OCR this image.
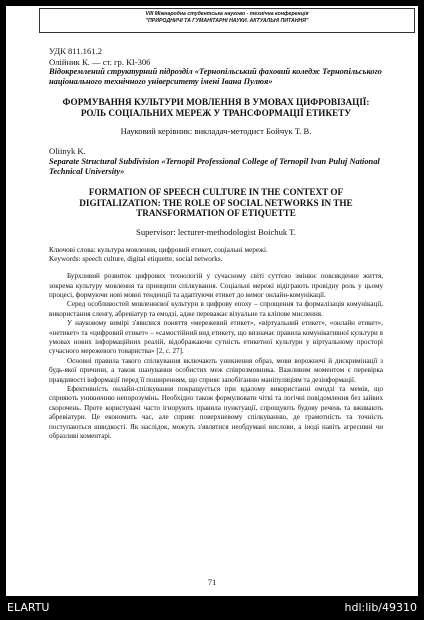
VIII Міжнародна студентська науково - технічна конференція
"ПРИРОДНИЧІ ТА ГУМАНІТАРНІ НАУКИ. АКТУАЛЬНІ ПИТАННЯ"
УДК 811.161.2
Олійник К. — ст. гр. КІ-306
Відокремлений структурний підрозділ «Тернопільський фаховий коледж Тернопільського національного технічного університету імені Івана Пулюя»
ФОРМУВАННЯ КУЛЬТУРИ МОВЛЕННЯ В УМОВАХ ЦИФРОВІЗАЦІЇ: РОЛЬ СОЦІАЛЬНИХ МЕРЕЖ У ТРАНСФОРМАЦІЇ ЕТИКЕТУ
Науковий керівник: викладач-методист Бойчук Т. В.
Oliinyk K.
Separate Structural Subdivision «Ternopil Professional College of Ternopil Ivan Puluj National Technical University»
FORMATION OF SPEECH CULTURE IN THE CONTEXT OF DIGITALIZATION: THE ROLE OF SOCIAL NETWORKS IN THE TRANSFORMATION OF ETIQUETTE
Supervisor: lecturer-methodologist Boichuk T.
Ключові слова: культура мовлення, цифровий етикет, соціальні мережі.
Keywords: speech culture, digital etiquette, social networks.

Бурхливий розвиток цифрових технологій у сучасному світі суттєво змінює повсякденне життя, зокрема культуру мовлення та принципи спілкування. Соціальні мережі відіграють провідну роль у цьому процесі, формуючи нові мовні тенденції та адаптуючи етикет до вимог онлайн-комунікації.

Серед особливостей мовленнєвої культури в цифрову епоху – спрощення та формалізація комунікації, використання сленгу, абревіатур та емодзі, адже переважає візуальне та кліпове мислення.

У науковому вимірі з'явилися поняття «мережевий етикет», «віртуальний етикет», «онлайн етикет», «нетикет» та «цифровий етикет» – «самостійний вид етикету, що визначає правила комунікативної культури в умовах нових інформаційних реалій, відображаючи сутність етикетної культури у віртуальному просторі сучасного мережевого товариства» [2, с. 27].

Основні правила такого спілкування включають уникнення образ, мови ворожнечі й дискримінації з будь-якої причини, а також шанування особистих меж співрозмовника. Важливим моментом є перевірка правдивості інформації перед її поширенням, що сприяє запобіганню маніпуляціям та дезінформації.

Ефективність онлайн-спілкування покращується при вдалому використанні емодзі та мемів, що сприяють уникненню непорозумінь. Необхідно також формулювати чіткі та логічні повідомлення без зайвих скорочень. Проте користувачі часто ігнорують правила пунктуації, спрощують будову речень та вживають абревіатури. Це економить час, але сприяє поверхневому спілкуванню, де грамотність та точність поступаються швидкості. Як наслідок, можуть з'являтися необдумані вислови, а іноді навіть агресивні чи образливі коментарі.

71
ELARTU	hdl:lib/49310
